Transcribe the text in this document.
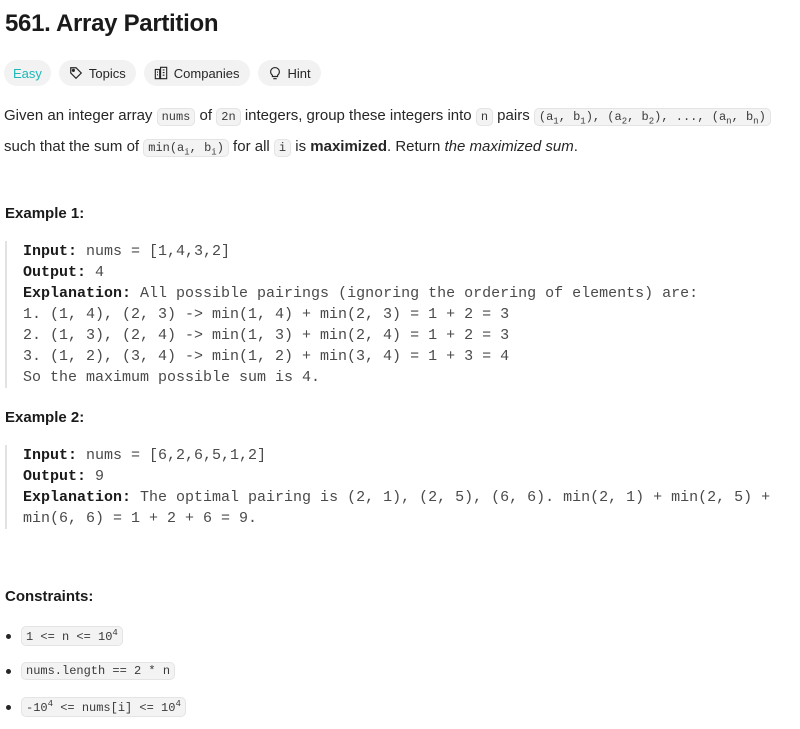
561. Array Partition
Easy	Topics	Companies	Hint
Given an integer array nums of 2n integers, group these integers into n pairs ($a_1$, $b_1$), ($a_2$, $b_2$), ..., ($a_n$, $b_n$)
such that the sum of $\min(a_i$, $b_i$) for all i is maximized. Return the maximized sum.
Example 1:
Input: nums = [1,4,3,2]
Output: 4
Explanation: All possible pairings (ignoring the ordering of elements) are:
1. (1, 4), (2, 3) -> min(1, 4) + min(2, 3) = 1 + 2 = 3
2. (1, 3), (2, 4) -> min(1, 3) + min(2, 4) = 1 + 2 = 3
3. (1, 2), (3, 4) -> min(1, 2) + min(3, 4) = 1 + 3 = 4
So the maximum possible sum is 4.
Example 2:
Input: nums = [6,2,6,5,1,2]
Output: 9
Explanation: The optimal pairing is (2, 1), (2, 5), (6, 6). min(2, 1) + min(2, 5) +
min(6, 6) = 1 + 2 + 6 = 9.
Constraints:
$1 <= n <= 10^4$
nums.length == 2 * n
$-10^4$ <= nums[i] <= $10^4$
